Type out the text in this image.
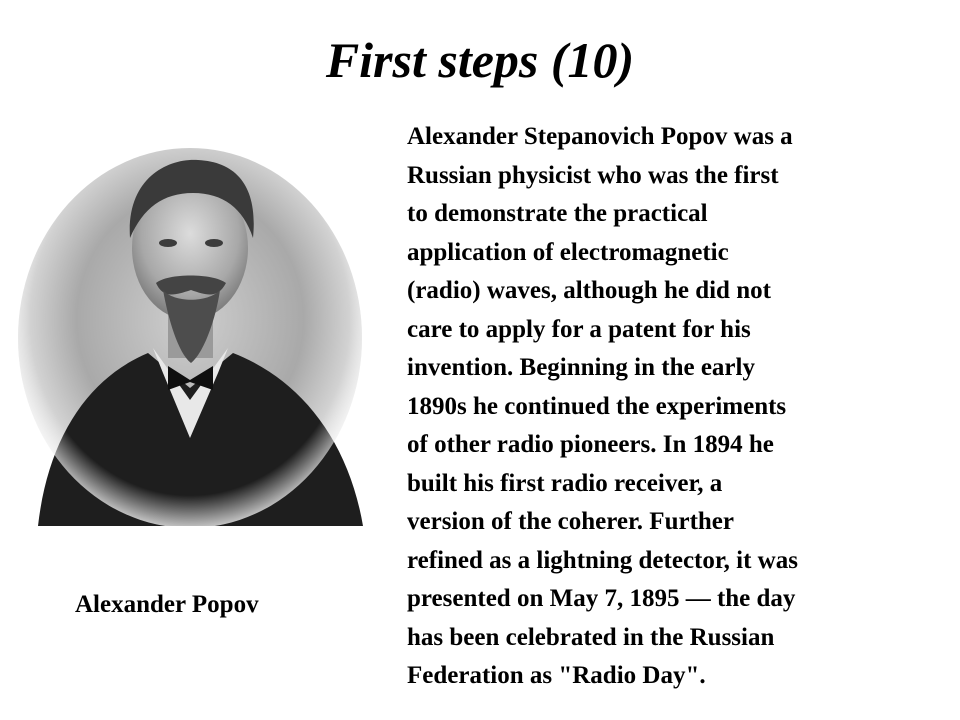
First steps (10)
Alexander Popov
Alexander Stepanovich Popov was a
Russian physicist who was the first
to demonstrate the practical
application of electromagnetic
(radio) waves, although he did not
care to apply for a patent for his
invention. Beginning in the early
1890s he continued the experiments
of other radio pioneers. In 1894 he
built his first radio receiver, a
version of the coherer. Further
refined as a lightning detector, it was
presented on May 7, 1895 — the day
has been celebrated in the Russian
Federation as "Radio Day".
